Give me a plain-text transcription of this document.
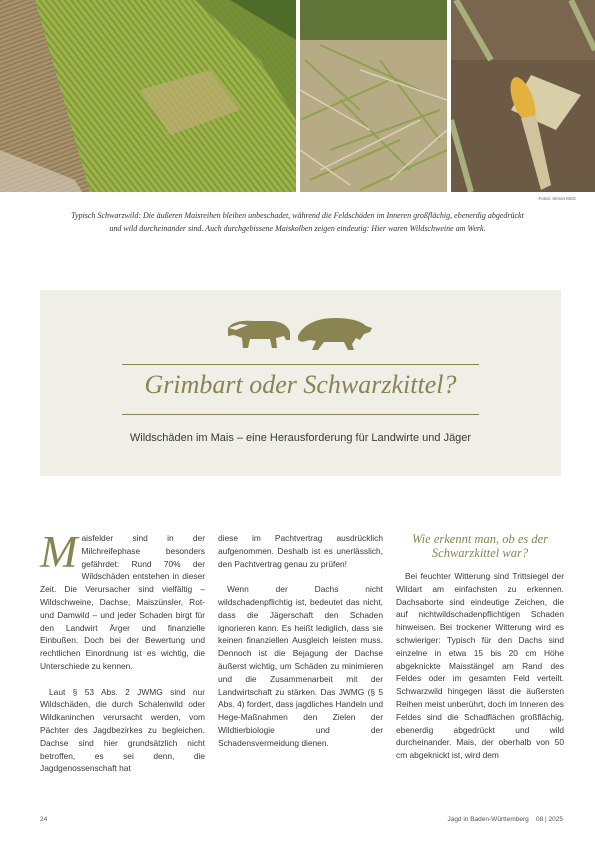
Fotos: Simon Metz
Typisch Schwarzwild: Die äußeren Maisreihen bleiben unbeschadet, während die Feldschäden im Inneren großflächig, ebenerdig abgedrückt
und wild durcheinander sind. Auch durchgebissene Maiskolben zeigen eindeutig: Hier waren Wildschweine am Werk.
Grimbart oder Schwarzkittel?
Wildschäden im Mais – eine Herausforderung für Landwirte und Jäger

Maisfelder sind in der Milchreifephase besonders gefährdet: Rund 70% der Wildschäden entstehen in dieser Zeit. Die Verursacher sind vielfältig – Wildschweine, Dachse, Maiszünsler, Rot- und Damwild – und jeder Schaden birgt für den Landwirt Ärger und finanzielle Einbußen. Doch bei der Bewertung und rechtlichen Einordnung ist es wichtig, die Unterschiede zu kennen.

Laut § 53 Abs. 2 JWMG sind nur Wildschäden, die durch Schalenwild oder Wildkaninchen verursacht werden, vom Pächter des Jagdbezirkes zu begleichen. Dachse sind hier grundsätzlich nicht betroffen, es sei denn, die Jagdgenossenschaft hat

diese im Pachtvertrag ausdrücklich aufgenommen. Deshalb ist es unerlässlich, den Pachtvertrag genau zu prüfen!

Wenn der Dachs nicht wildschadenpflichtig ist, bedeutet das nicht, dass die Jägerschaft den Schaden ignorieren kann. Es heißt lediglich, dass sie keinen finanziellen Ausgleich leisten muss. Dennoch ist die Bejagung der Dachse äußerst wichtig, um Schäden zu minimieren und die Zusammenarbeit mit der Landwirtschaft zu stärken. Das JWMG (§ 5 Abs. 4) fordert, dass jagdliches Handeln und Hege-Maßnahmen den Zielen der Wildtierbiologie und der Schadensvermeidung dienen.

Wie erkennt man, ob es der Schwarzkittel war?

Bei feuchter Witterung sind Trittsiegel der Wildart am einfachsten zu erkennen. Dachsaborte sind eindeutige Zeichen, die auf nichtwildschadenpflichtigen Schaden hinweisen. Bei trockener Witterung wird es schwieriger: Typisch für den Dachs sind einzelne in etwa 15 bis 20 cm Höhe abgeknickte Maisstängel am Rand des Feldes oder im gesamten Feld verteilt. Schwarzwild hingegen lässt die äußersten Reihen meist unberührt, doch im Inneren des Feldes sind die Schadflächen großflächig, ebenerdig abgedrückt und wild durcheinander. Mais, der oberhalb von 50 cm abgeknickt ist, wird dem

24	Jagd in Baden-Württemberg 08 | 2025
